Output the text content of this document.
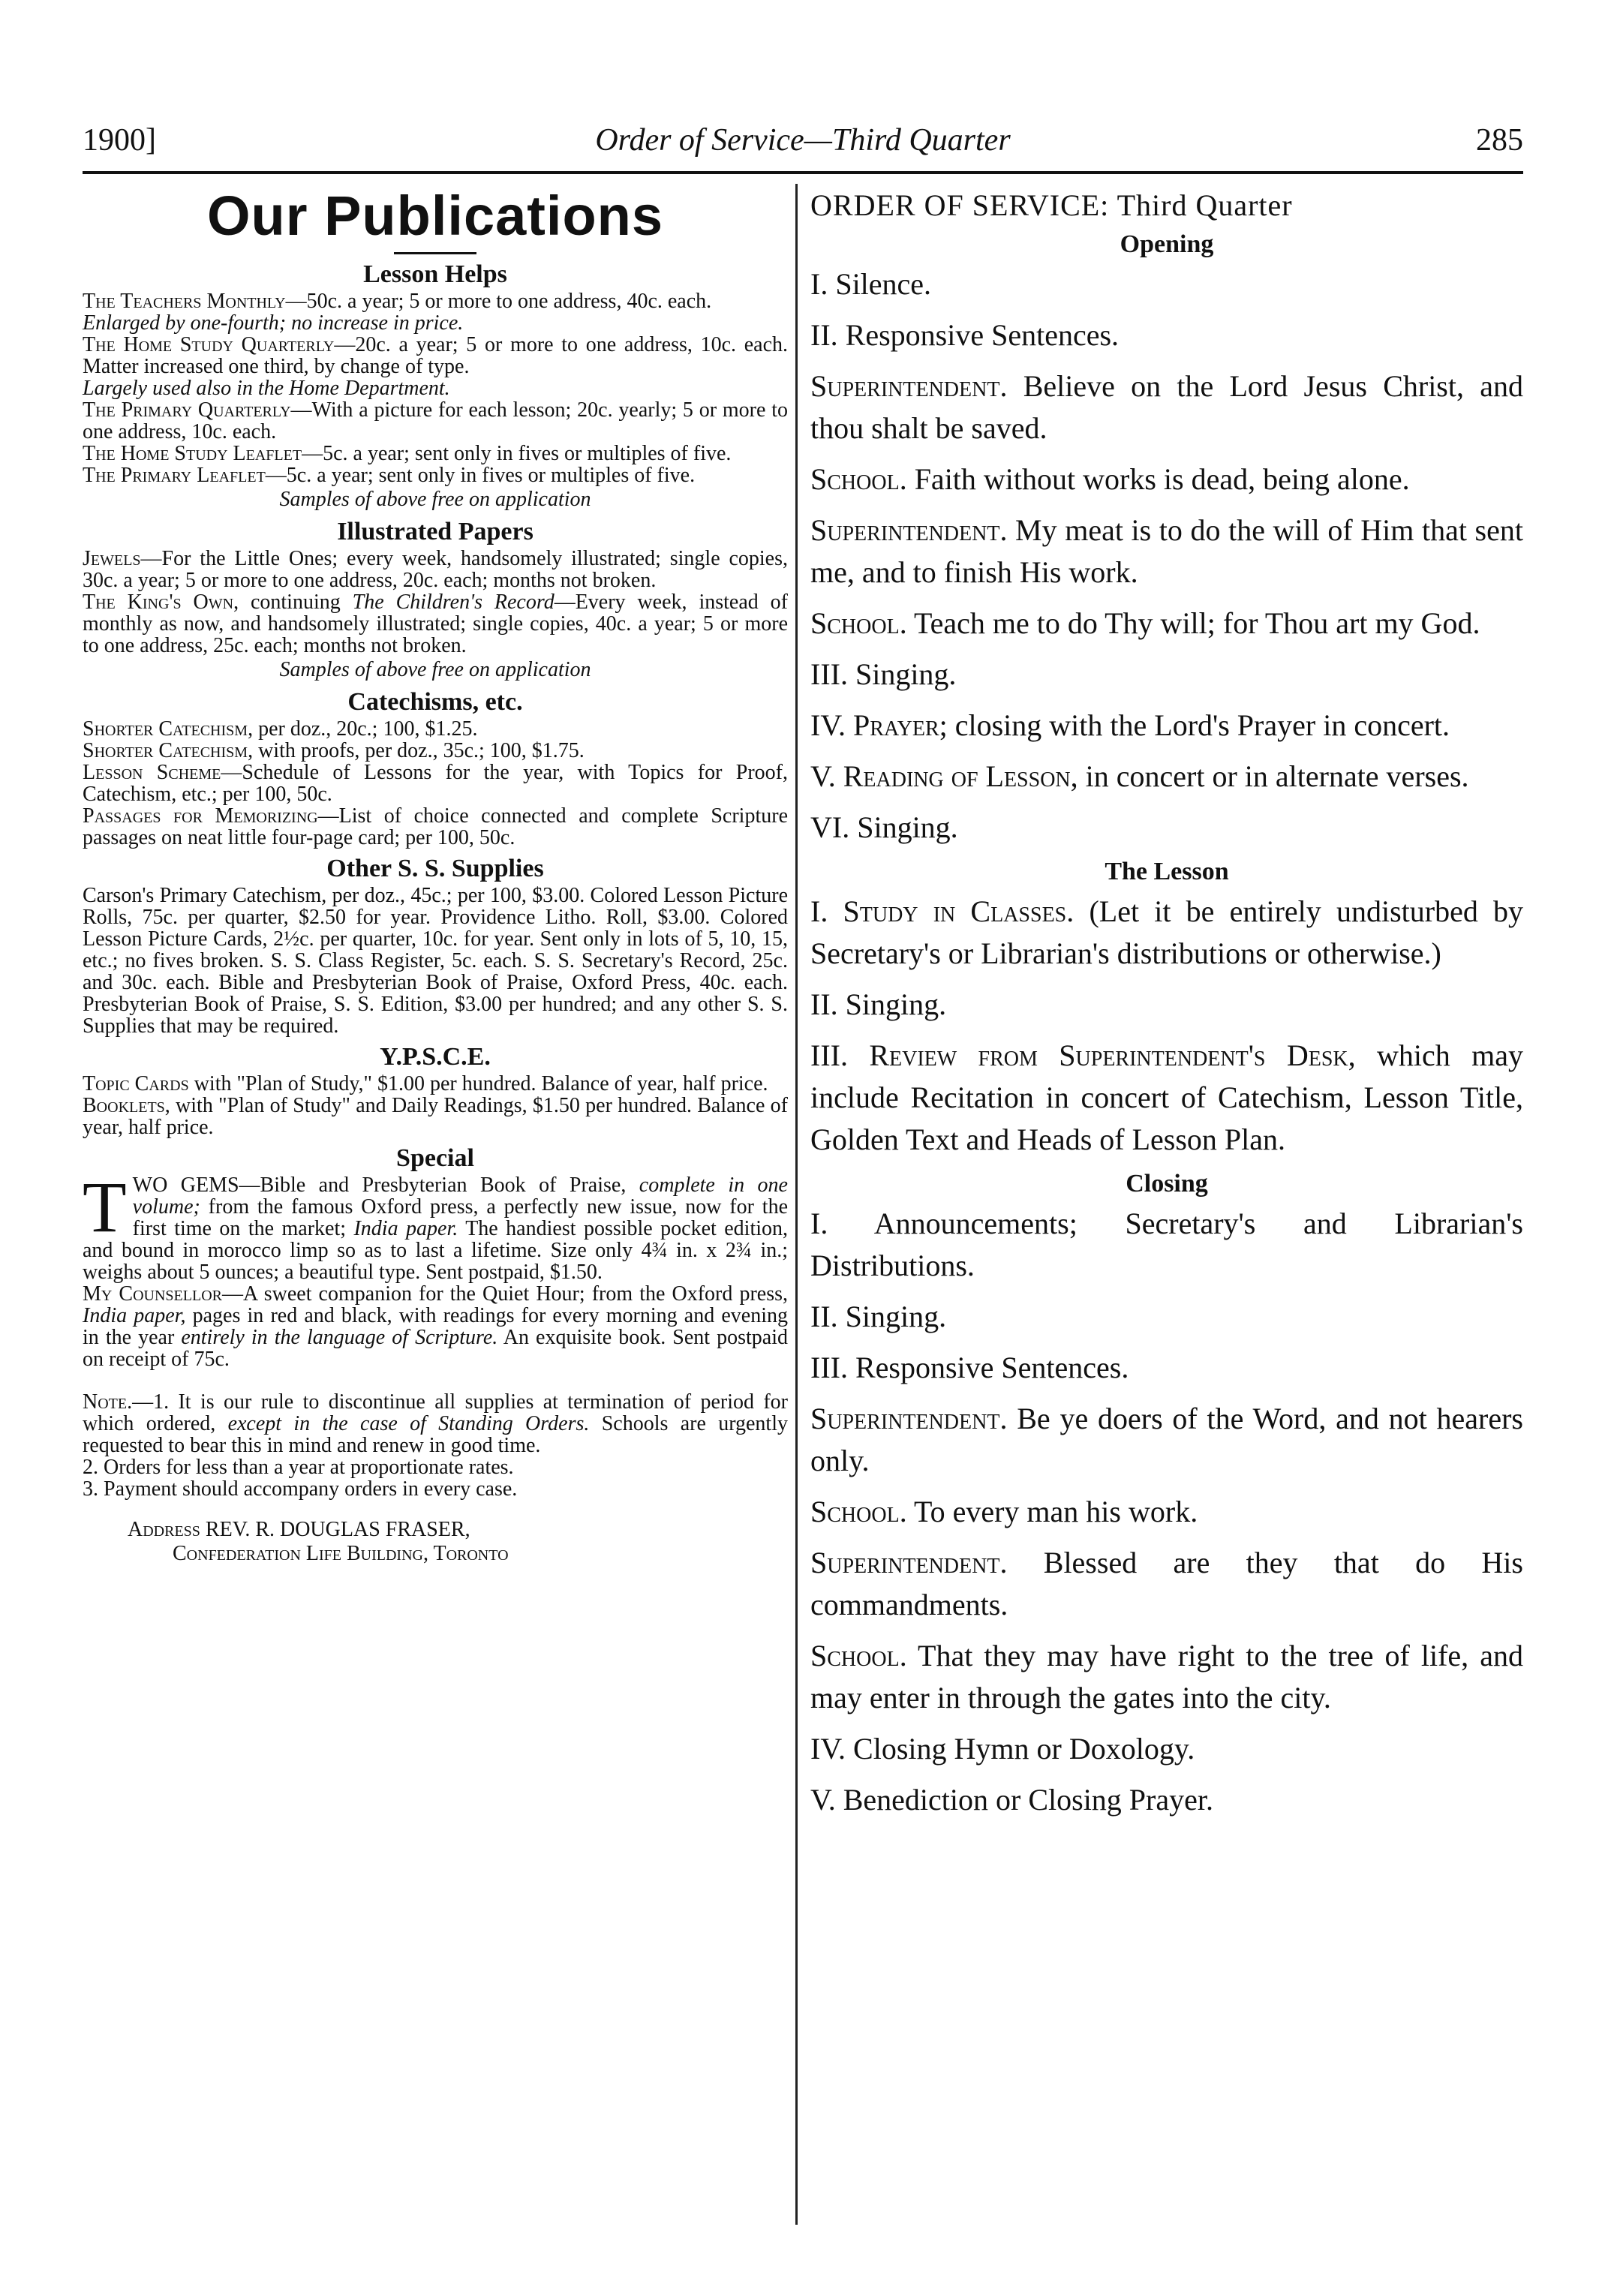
1900]	Order of Service—Third Quarter	285
Our Publications
Lesson Helps

The Teachers Monthly—50c. a year; 5 or more to one address, 40c. each.

Enlarged by one-fourth; no increase in price.

The Home Study Quarterly—20c. a year; 5 or more to one address, 10c. each. Matter increased one third, by change of type.

Largely used also in the Home Department.

The Primary Quarterly—With a picture for each lesson; 20c. yearly; 5 or more to one address, 10c. each.

The Home Study Leaflet—5c. a year; sent only in fives or multiples of five.

The Primary Leaflet—5c. a year; sent only in fives or multiples of five.

Samples of above free on application

Illustrated Papers

Jewels—For the Little Ones; every week, handsomely illustrated; single copies, 30c. a year; 5 or more to one address, 20c. each; months not broken.

The King's Own, continuing The Children's Record—Every week, instead of monthly as now, and handsomely illustrated; single copies, 40c. a year; 5 or more to one address, 25c. each; months not broken.

Samples of above free on application

Catechisms, etc.

Shorter Catechism, per doz., 20c.; 100, $1.25.

Shorter Catechism, with proofs, per doz., 35c.; 100, $1.75.

Lesson Scheme—Schedule of Lessons for the year, with Topics for Proof, Catechism, etc.; per 100, 50c.

Passages for Memorizing—List of choice connected and complete Scripture passages on neat little four-page card; per 100, 50c.

Other S. S. Supplies

Carson's Primary Catechism, per doz., 45c.; per 100, $3.00. Colored Lesson Picture Rolls, 75c. per quarter, $2.50 for year. Providence Litho. Roll, $3.00. Colored Lesson Picture Cards, 2½c. per quarter, 10c. for year. Sent only in lots of 5, 10, 15, etc.; no fives broken. S. S. Class Register, 5c. each. S. S. Secretary's Record, 25c. and 30c. each. Bible and Presbyterian Book of Praise, Oxford Press, 40c. each. Presbyterian Book of Praise, S. S. Edition, $3.00 per hundred; and any other S. S. Supplies that may be required.

Y.P.S.C.E.

Topic Cards with "Plan of Study," $1.00 per hundred. Balance of year, half price.

Booklets, with "Plan of Study" and Daily Readings, $1.50 per hundred. Balance of year, half price.

Special

TWO GEMS—Bible and Presbyterian Book of Praise, complete in one volume; from the famous Oxford press, a perfectly new issue, now for the first time on the market; India paper. The handiest possible pocket edition, and bound in morocco limp so as to last a lifetime. Size only 4¾ in. x 2¾ in.; weighs about 5 ounces; a beautiful type. Sent postpaid, $1.50.

My Counsellor—A sweet companion for the Quiet Hour; from the Oxford press, India paper, pages in red and black, with readings for every morning and evening in the year entirely in the language of Scripture. An exquisite book. Sent postpaid on receipt of 75c.

Note.—1. It is our rule to discontinue all supplies at termination of period for which ordered, except in the case of Standing Orders. Schools are urgently requested to bear this in mind and renew in good time.

2. Orders for less than a year at proportionate rates.

3. Payment should accompany orders in every case.

Address REV. R. DOUGLAS FRASER,
Confederation Life Building, Toronto
ORDER OF SERVICE: Third Quarter
Opening

I. Silence.

II. Responsive Sentences.

Superintendent. Believe on the Lord Jesus Christ, and thou shalt be saved.

School. Faith without works is dead, being alone.

Superintendent. My meat is to do the will of Him that sent me, and to finish His work.

School. Teach me to do Thy will; for Thou art my God.

III. Singing.

IV. Prayer; closing with the Lord's Prayer in concert.

V. Reading of Lesson, in concert or in alternate verses.

VI. Singing.

The Lesson

I. Study in Classes. (Let it be entirely undisturbed by Secretary's or Librarian's distributions or otherwise.)

II. Singing.

III. Review from Superintendent's Desk, which may include Recitation in concert of Catechism, Lesson Title, Golden Text and Heads of Lesson Plan.

Closing

I. Announcements; Secretary's and Librarian's Distributions.

II. Singing.

III. Responsive Sentences.

Superintendent. Be ye doers of the Word, and not hearers only.

School. To every man his work.

Superintendent. Blessed are they that do His commandments.

School. That they may have right to the tree of life, and may enter in through the gates into the city.

IV. Closing Hymn or Doxology.

V. Benediction or Closing Prayer.
